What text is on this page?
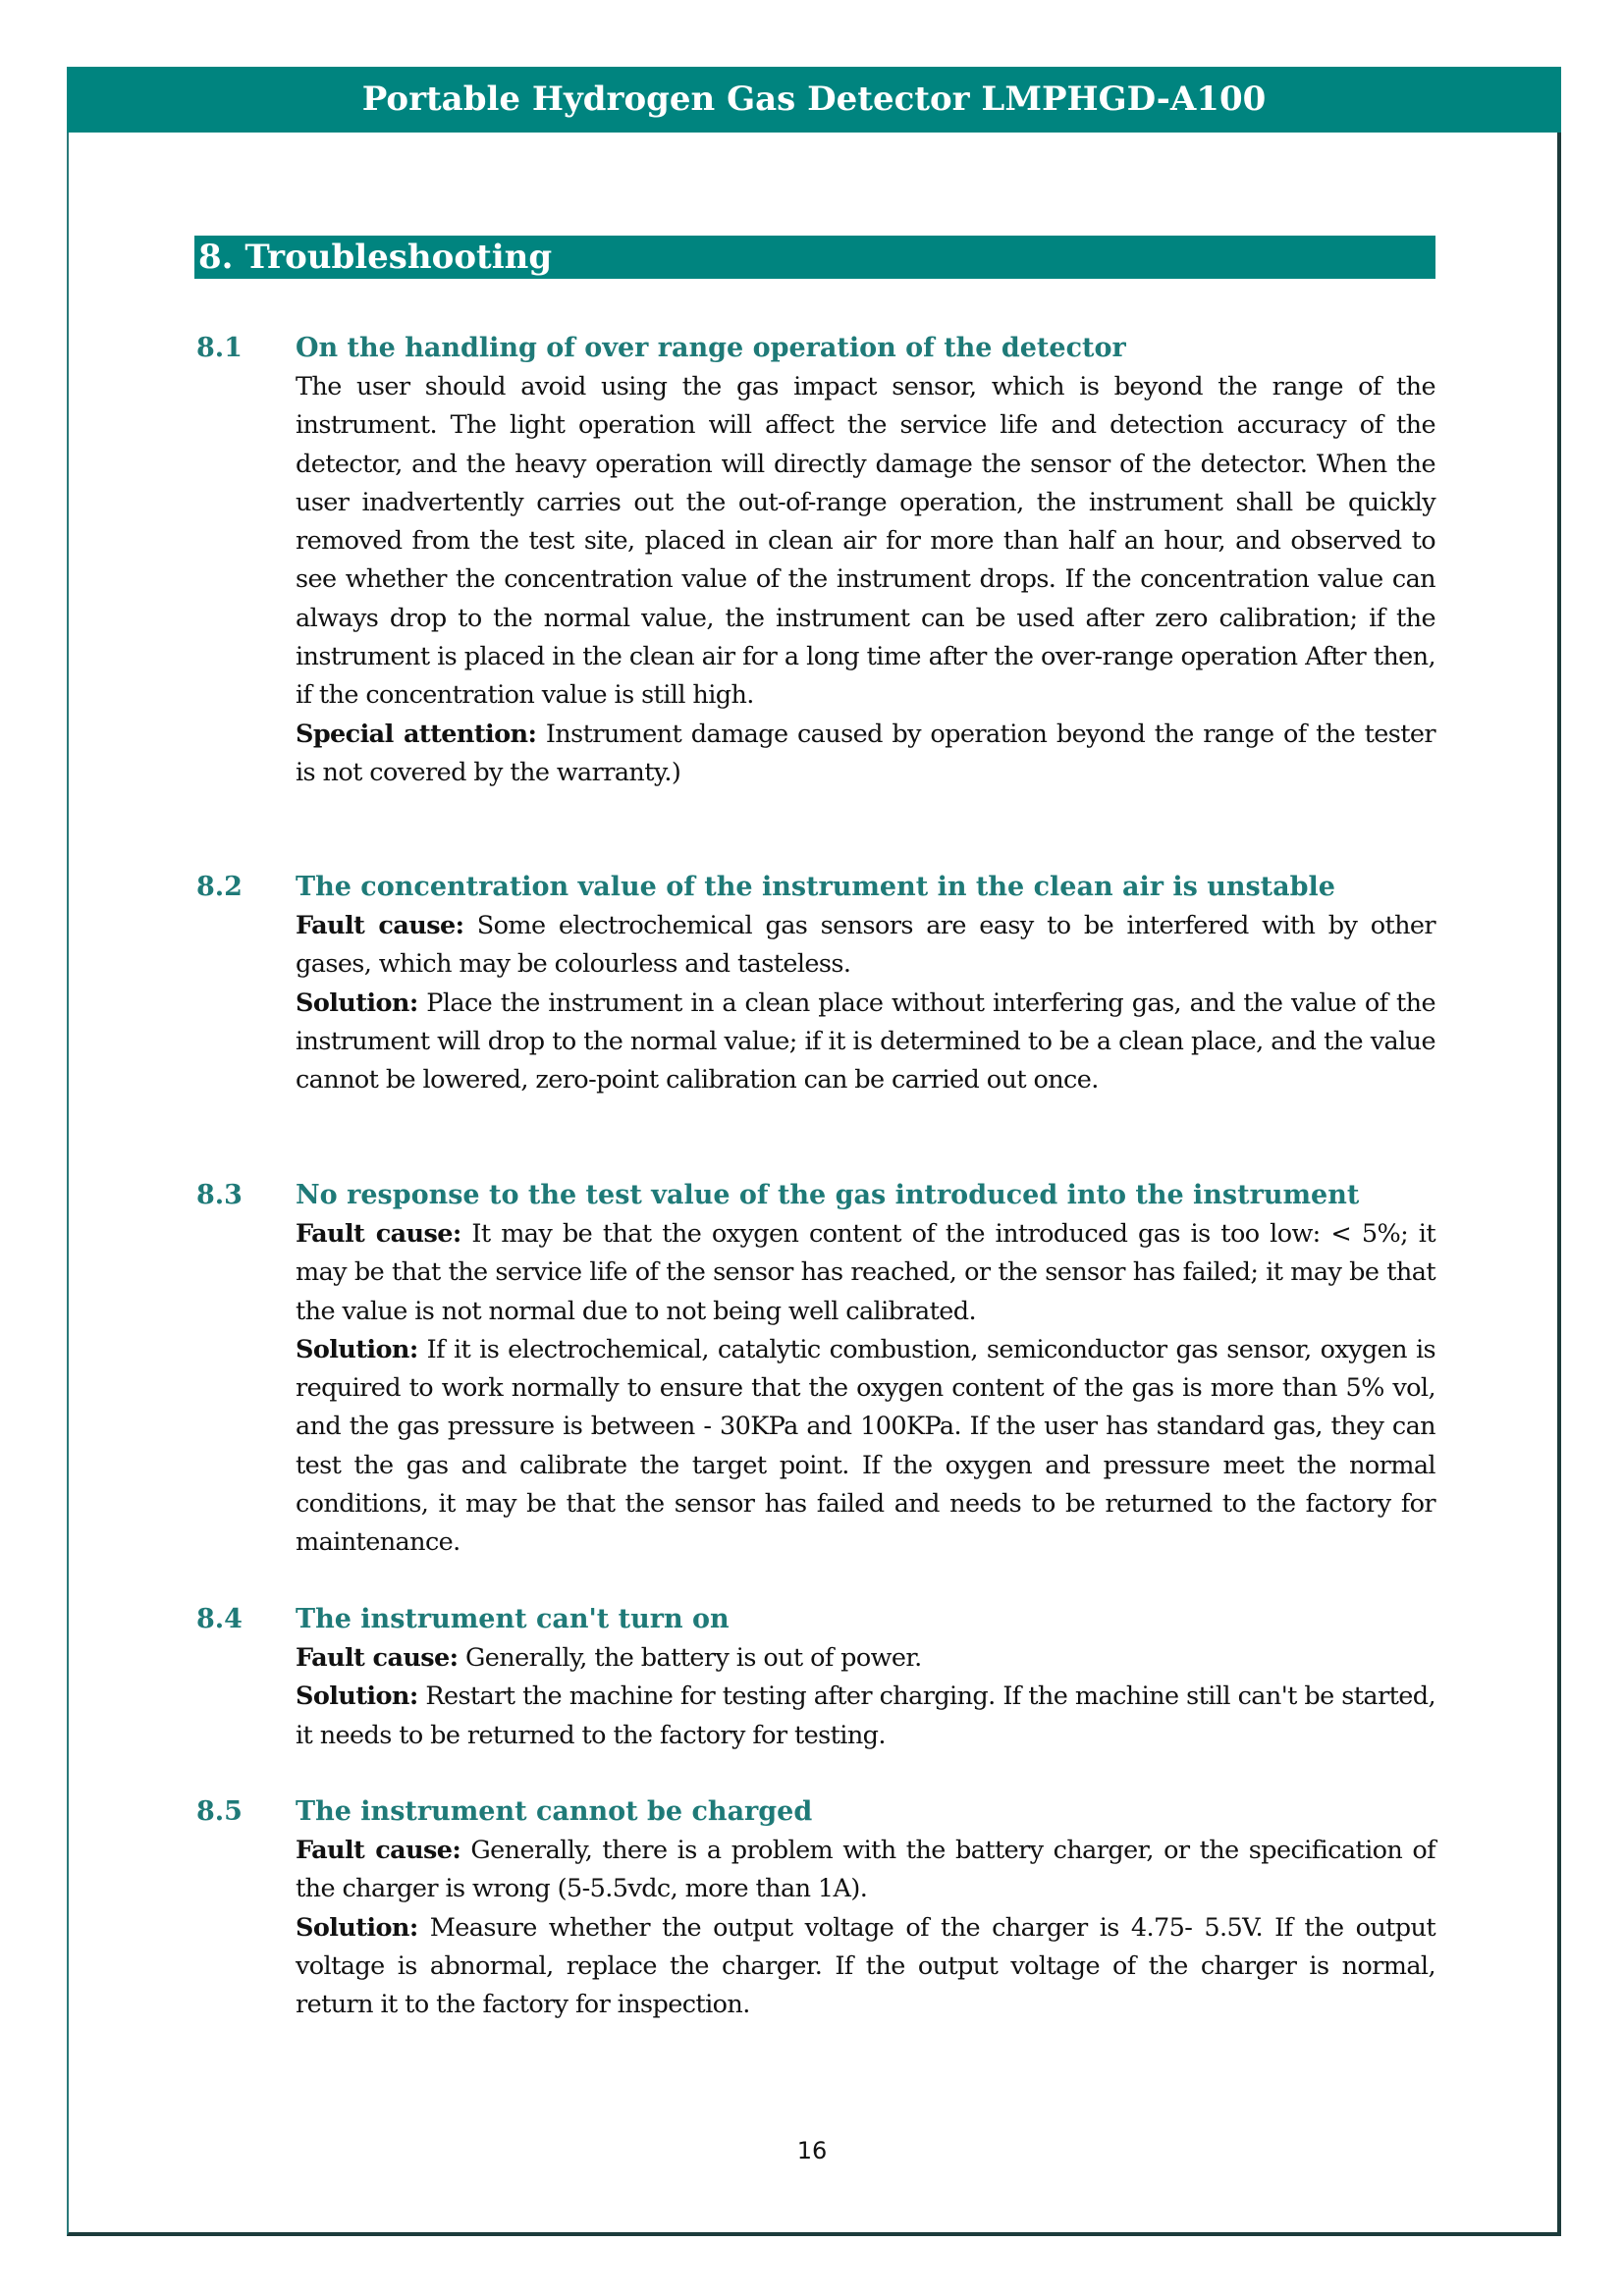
Portable Hydrogen Gas Detector LMPHGD-A100
8. Troubleshooting
8.1 On the handling of over range operation of the detector

The user should avoid using the gas impact sensor, which is beyond the range of the instrument. The light operation will affect the service life and detection accuracy of the detector, and the heavy operation will directly damage the sensor of the detector. When the user inadvertently carries out the out-of-range operation, the instrument shall be quickly removed from the test site, placed in clean air for more than half an hour, and observed to see whether the concentration value of the instrument drops. If the concentration value can always drop to the normal value, the instrument can be used after zero calibration; if the instrument is placed in the clean air for a long time after the over-range operation After then, if the concentration value is still high.

Special attention: Instrument damage caused by operation beyond the range of the tester is not covered by the warranty.)

8.2 The concentration value of the instrument in the clean air is unstable

Fault cause: Some electrochemical gas sensors are easy to be interfered with by other gases, which may be colourless and tasteless.

Solution: Place the instrument in a clean place without interfering gas, and the value of the instrument will drop to the normal value; if it is determined to be a clean place, and the value cannot be lowered, zero-point calibration can be carried out once.

8.3 No response to the test value of the gas introduced into the instrument

Fault cause: It may be that the oxygen content of the introduced gas is too low: < 5%; it may be that the service life of the sensor has reached, or the sensor has failed; it may be that the value is not normal due to not being well calibrated.

Solution: If it is electrochemical, catalytic combustion, semiconductor gas sensor, oxygen is required to work normally to ensure that the oxygen content of the gas is more than 5% vol, and the gas pressure is between - 30KPa and 100KPa. If the user has standard gas, they can test the gas and calibrate the target point. If the oxygen and pressure meet the normal conditions, it may be that the sensor has failed and needs to be returned to the factory for maintenance.

8.4 The instrument can't turn on

Fault cause: Generally, the battery is out of power.

Solution: Restart the machine for testing after charging. If the machine still can't be started, it needs to be returned to the factory for testing.

8.5 The instrument cannot be charged

Fault cause: Generally, there is a problem with the battery charger, or the specification of the charger is wrong (5-5.5vdc, more than 1A).

Solution: Measure whether the output voltage of the charger is 4.75- 5.5V. If the output voltage is abnormal, replace the charger. If the output voltage of the charger is normal, return it to the factory for inspection.

16
